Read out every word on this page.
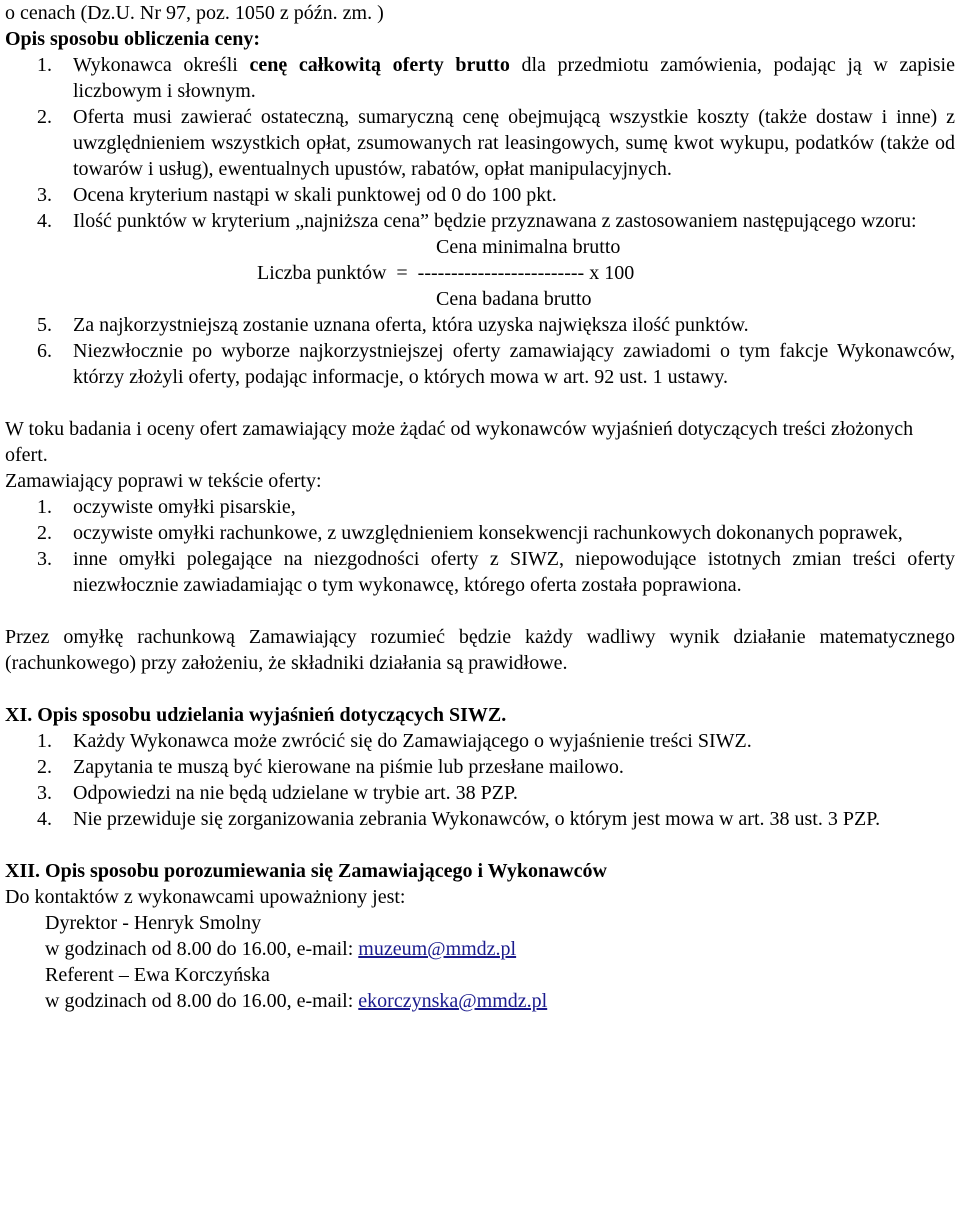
o cenach (Dz.U. Nr 97, poz. 1050 z późn. zm. )

Opis sposobu obliczenia ceny:

1. Wykonawca określi cenę całkowitą oferty brutto dla przedmiotu zamówienia, podając ją w zapisie liczbowym i słownym.
2. Oferta musi zawierać ostateczną, sumaryczną cenę obejmującą wszystkie koszty (także dostaw i inne) z uwzględnieniem wszystkich opłat, zsumowanych rat leasingowych, sumę kwot wykupu, podatków (także od towarów i usług), ewentualnych upustów, rabatów, opłat manipulacyjnych.
3. Ocena kryterium nastąpi w skali punktowej od 0 do 100 pkt.
4. Ilość punktów w kryterium „najniższa cena” będzie przyznawana z zastosowaniem następującego wzoru:
Cena minimalna brutto
Liczba punktów  =  ------------------------- x 100
Cena badana brutto
5. Za najkorzystniejszą zostanie uznana oferta, która uzyska największa ilość punktów.
6. Niezwłocznie po wyborze najkorzystniejszej oferty zamawiający zawiadomi o tym fakcje Wykonawców, którzy złożyli oferty, podając informacje, o których mowa w art. 92 ust. 1 ustawy.

W toku badania i oceny ofert zamawiający może żądać od wykonawców wyjaśnień dotyczących treści złożonych ofert.

Zamawiający poprawi w tekście oferty:

1. oczywiste omyłki pisarskie,
2. oczywiste omyłki rachunkowe, z uwzględnieniem konsekwencji rachunkowych dokonanych poprawek,
3. inne omyłki polegające na niezgodności oferty z SIWZ, niepowodujące istotnych zmian treści oferty niezwłocznie zawiadamiając o tym wykonawcę, którego oferta została poprawiona.

Przez omyłkę rachunkową Zamawiający rozumieć będzie każdy wadliwy wynik działanie matematycznego (rachunkowego) przy założeniu, że składniki działania są prawidłowe.

XI. Opis sposobu udzielania wyjaśnień dotyczących SIWZ.

1. Każdy Wykonawca może zwrócić się do Zamawiającego o wyjaśnienie treści SIWZ.
2. Zapytania te muszą być kierowane na piśmie lub przesłane mailowo.
3. Odpowiedzi na nie będą udzielane w trybie art. 38 PZP.
4. Nie przewiduje się zorganizowania zebrania Wykonawców, o którym jest mowa w art. 38 ust. 3 PZP.

XII. Opis sposobu porozumiewania się Zamawiającego i Wykonawców

Do kontaktów z wykonawcami upoważniony jest:

Dyrektor - Henryk Smolny

w godzinach od 8.00 do 16.00, e-mail: muzeum@mmdz.pl

Referent – Ewa Korczyńska

w godzinach od 8.00 do 16.00, e-mail: ekorczynska@mmdz.pl
